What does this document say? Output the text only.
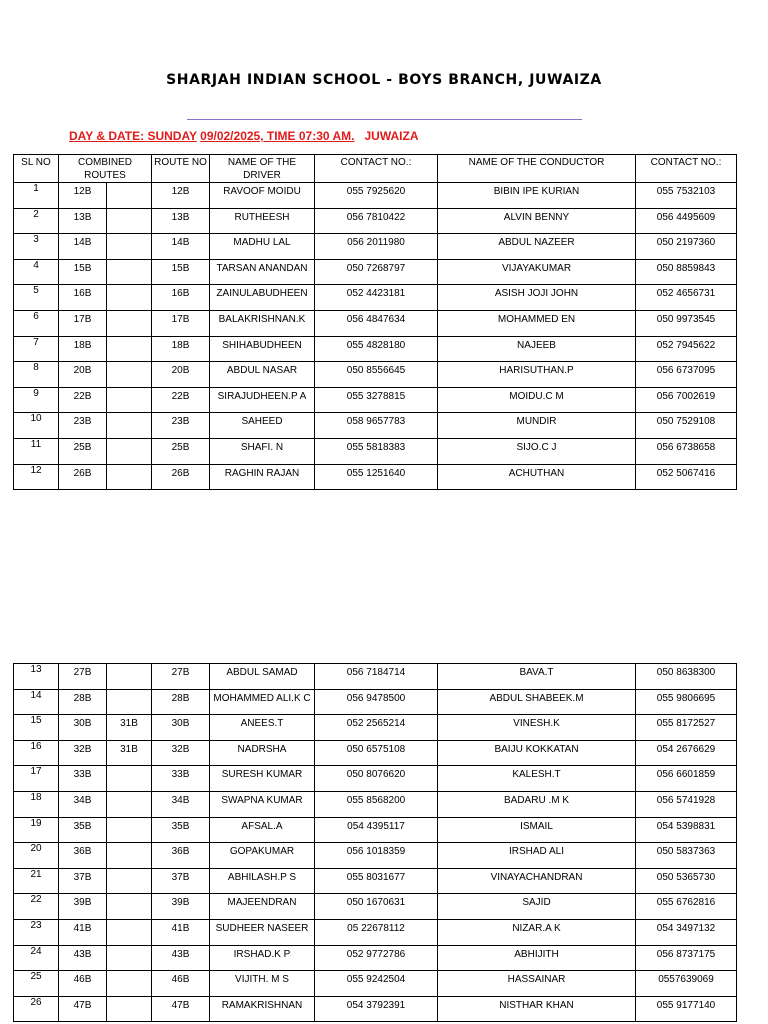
SHARJAH INDIAN SCHOOL - BOYS BRANCH, JUWAIZA
DAY & DATE: SUNDAY 09/02/2025, TIME 07:30 AM. JUWAIZA
SL NO	COMBINED ROUTES		ROUTE NO	NAME OF THE DRIVER	CONTACT NO.:	NAME OF THE CONDUCTOR	CONTACT NO.:
1	12B		12B	RAVOOF MOIDU	055 7925620	BIBIN IPE KURIAN	055 7532103
2	13B		13B	RUTHEESH	056 7810422	ALVIN BENNY	056 4495609
3	14B		14B	MADHU LAL	056 2011980	ABDUL NAZEER	050 2197360
4	15B		15B	TARSAN ANANDAN	050 7268797	VIJAYAKUMAR	050 8859843
5	16B		16B	ZAINULABUDHEEN	052 4423181	ASISH JOJI JOHN	052 4656731
6	17B		17B	BALAKRISHNAN.K	056 4847634	MOHAMMED EN	050 9973545
7	18B		18B	SHIHABUDHEEN	055 4828180	NAJEEB	052 7945622
8	20B		20B	ABDUL NASAR	050 8556645	HARISUTHAN.P	056 6737095
9	22B		22B	SIRAJUDHEEN.P A	055 3278815	MOIDU.C M	056 7002619
10	23B		23B	SAHEED	058 9657783	MUNDIR	050 7529108
11	25B		25B	SHAFI. N	055 5818383	SIJO.C J	056 6738658
12	26B		26B	RAGHIN RAJAN	055 1251640	ACHUTHAN	052 5067416
13	27B		27B	ABDUL SAMAD	056 7184714	BAVA.T	050 8638300
14	28B		28B	MOHAMMED ALI.K C	056 9478500	ABDUL SHABEEK.M	055 9806695
15	30B	31B	30B	ANEES.T	052 2565214	VINESH.K	055 8172527
16	32B	31B	32B	NADRSHA	050 6575108	BAIJU KOKKATAN	054 2676629
17	33B		33B	SURESH KUMAR	050 8076620	KALESH.T	056 6601859
18	34B		34B	SWAPNA KUMAR	055 8568200	BADARU .M K	056 5741928
19	35B		35B	AFSAL.A	054 4395117	ISMAIL	054 5398831
20	36B		36B	GOPAKUMAR	056 1018359	IRSHAD ALI	050 5837363
21	37B		37B	ABHILASH.P S	055 8031677	VINAYACHANDRAN	050 5365730
22	39B		39B	MAJEENDRAN	050 1670631	SAJID	055 6762816
23	41B		41B	SUDHEER NASEER	05 22678112	NIZAR.A K	054 3497132
24	43B		43B	IRSHAD.K P	052 9772786	ABHIJITH	056 8737175
25	46B		46B	VIJITH. M S	055 9242504	HASSAINAR	0557639069
26	47B		47B	RAMAKRISHNAN	054 3792391	NISTHAR KHAN	055 9177140
